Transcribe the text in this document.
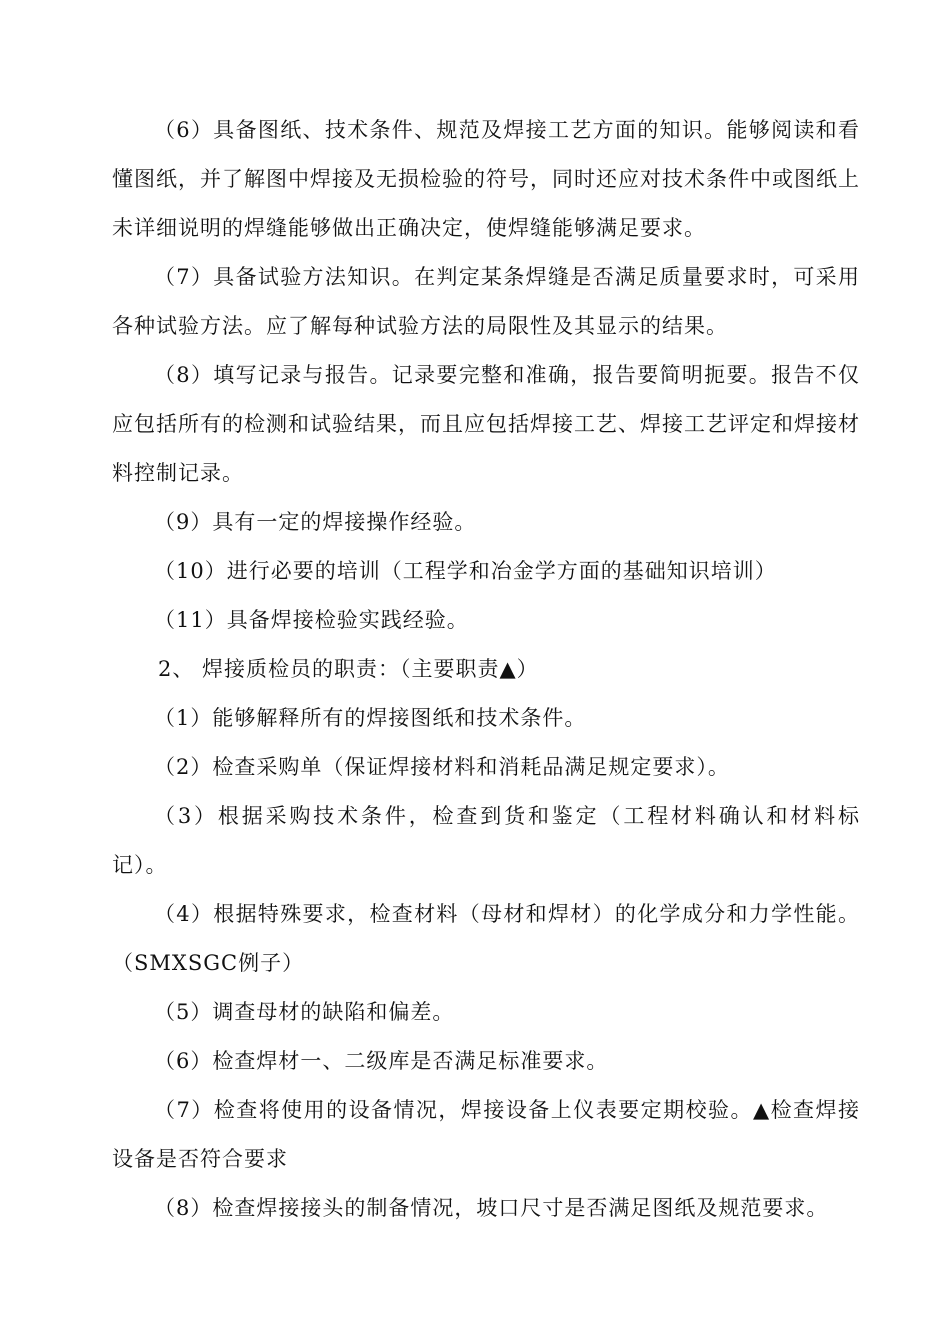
（6）具备图纸、技术条件、规范及焊接工艺方面的知识。能够阅读和看懂图纸，并了解图中焊接及无损检验的符号，同时还应对技术条件中或图纸上未详细说明的焊缝能够做出正确决定，使焊缝能够满足要求。

（7）具备试验方法知识。在判定某条焊缝是否满足质量要求时，可采用各种试验方法。应了解每种试验方法的局限性及其显示的结果。

（8）填写记录与报告。记录要完整和准确，报告要简明扼要。报告不仅应包括所有的检测和试验结果，而且应包括焊接工艺、焊接工艺评定和焊接材料控制记录。

（9）具有一定的焊接操作经验。

（10）进行必要的培训（工程学和冶金学方面的基础知识培训）

（11）具备焊接检验实践经验。

2、 焊接质检员的职责：（主要职责▲）

（1）能够解释所有的焊接图纸和技术条件。

（2）检查采购单（保证焊接材料和消耗品满足规定要求）。

（3）根据采购技术条件，检查到货和鉴定（工程材料确认和材料标记）。

（4）根据特殊要求，检查材料（母材和焊材）的化学成分和力学性能。（SMXSGC例子）

（5）调查母材的缺陷和偏差。

（6）检查焊材一、二级库是否满足标准要求。

（7）检查将使用的设备情况，焊接设备上仪表要定期校验。▲检查焊接设备是否符合要求

（8）检查焊接接头的制备情况，坡口尺寸是否满足图纸及规范要求。
